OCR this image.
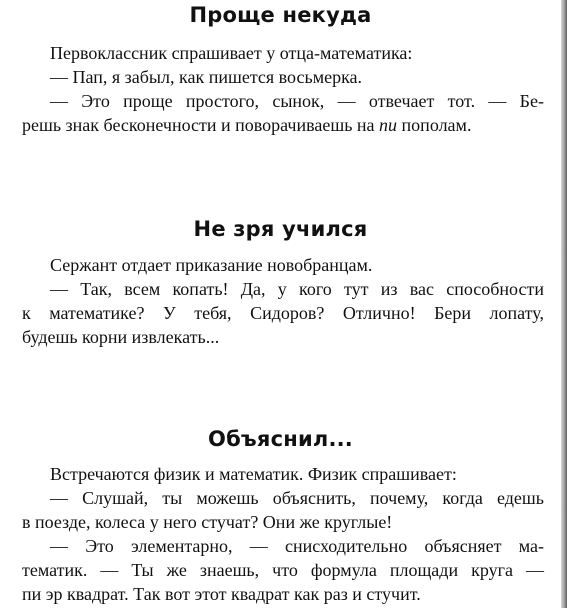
Проще некуда
Первоклассник спрашивает у отца-математика:
— Пап, я забыл, как пишется восьмерка.
— Это проще простого, сынок, — отвечает тот. — Бе-
решь знак бесконечности и поворачиваешь на пи пополам.
Не зря учился
Сержант отдает приказание новобранцам.
— Так, всем копать! Да, у кого тут из вас способности
к математике? У тебя, Сидоров? Отлично! Бери лопату,
будешь корни извлекать...
Объяснил...
Встречаются физик и математик. Физик спрашивает:
— Слушай, ты можешь объяснить, почему, когда едешь
в поезде, колеса у него стучат? Они же круглые!
— Это элементарно, — снисходительно объясняет ма-
тематик. — Ты же знаешь, что формула площади круга —
пи эр квадрат. Так вот этот квадрат как раз и стучит.
